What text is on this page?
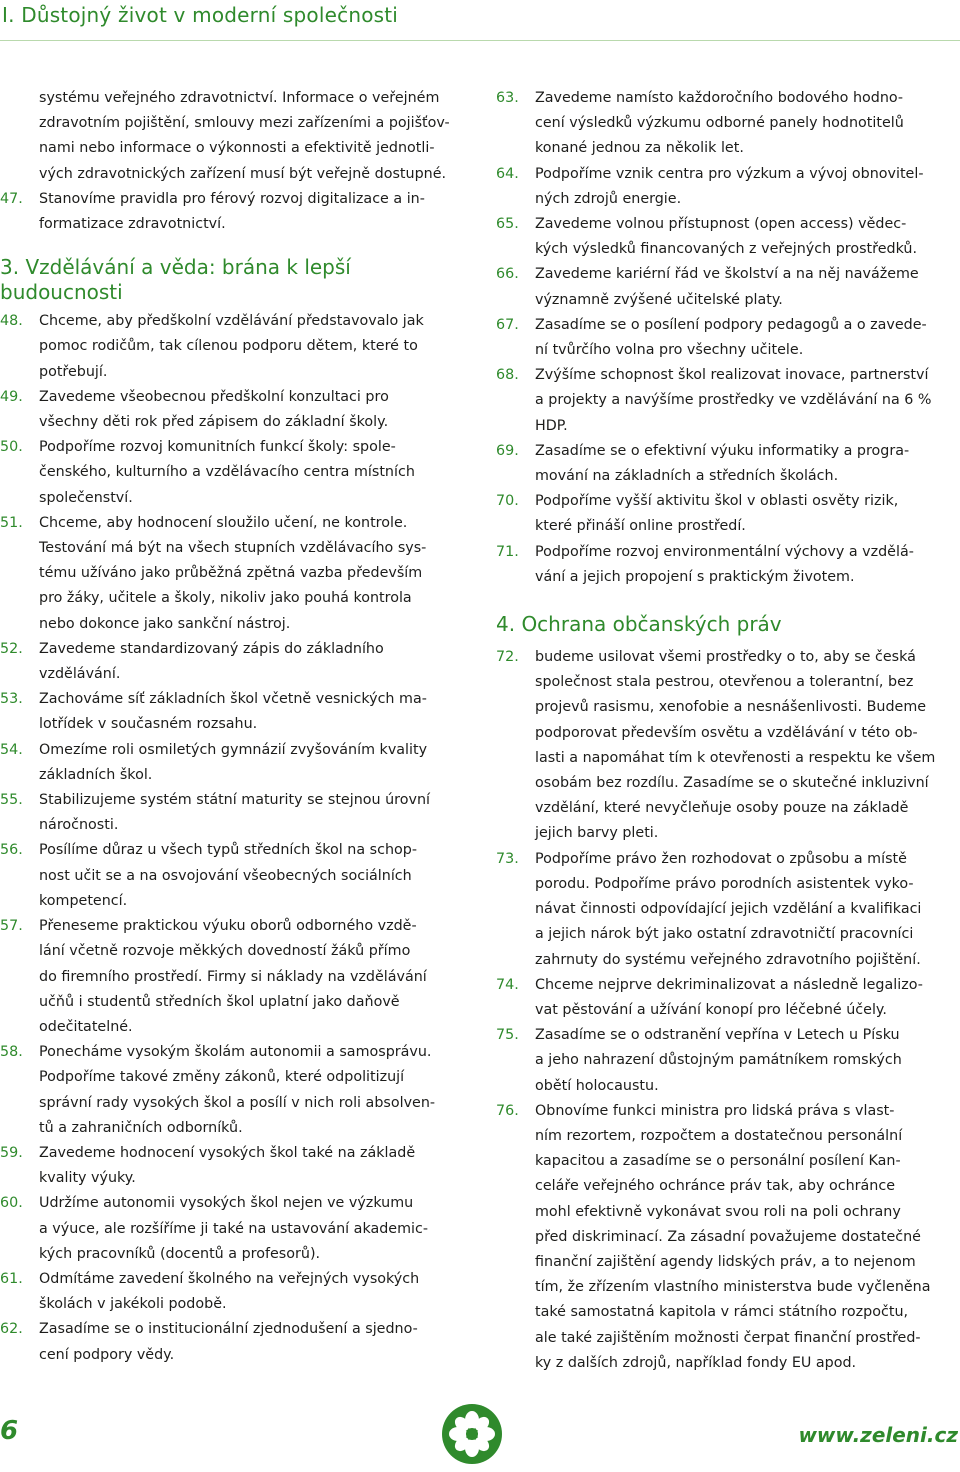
I. Důstojný život v moderní společnosti
systému veřejného zdravotnictví. Informace o veřejném
zdravotním pojištění, smlouvy mezi zařízeními a pojišťov-
nami nebo informace o výkonnosti a efektivitě jednotli-
vých zdravotnických zařízení musí být veřejně dostupné.
47. Stanovíme pravidla pro férový rozvoj digitalizace a in-
formatizace zdravotnictví.
3. Vzdělávání a věda: brána k lepší
budoucnosti
48. Chceme, aby předškolní vzdělávání představovalo jak
pomoc rodičům, tak cílenou podporu dětem, které to
potřebují.
49. Zavedeme všeobecnou předškolní konzultaci pro
všechny děti rok před zápisem do základní školy.
50. Podpoříme rozvoj komunitních funkcí školy: spole-
čenského, kulturního a vzdělávacího centra místních
společenství.
51. Chceme, aby hodnocení sloužilo učení, ne kontrole.
Testování má být na všech stupních vzdělávacího sys-
tému užíváno jako průběžná zpětná vazba především
pro žáky, učitele a školy, nikoliv jako pouhá kontrola
nebo dokonce jako sankční nástroj.
52. Zavedeme standardizovaný zápis do základního
vzdělávání.
53. Zachováme síť základních škol včetně vesnických ma-
lotřídek v současném rozsahu.
54. Omezíme roli osmiletých gymnázií zvyšováním kvality
základních škol.
55. Stabilizujeme systém státní maturity se stejnou úrovní
náročnosti.
56. Posílíme důraz u všech typů středních škol na schop-
nost učit se a na osvojování všeobecných sociálních
kompetencí.
57. Přeneseme praktickou výuku oborů odborného vzdě-
lání včetně rozvoje měkkých dovedností žáků přímo
do firemního prostředí. Firmy si náklady na vzdělávání
učňů i studentů středních škol uplatní jako daňově
odečitatelné.
58. Ponecháme vysokým školám autonomii a samosprávu.
Podpoříme takové změny zákonů, které odpolitizují
správní rady vysokých škol a posílí v nich roli absolven-
tů a zahraničních odborníků.
59. Zavedeme hodnocení vysokých škol také na základě
kvality výuky.
60. Udržíme autonomii vysokých škol nejen ve výzkumu
a výuce, ale rozšíříme ji také na ustavování akademic-
kých pracovníků (docentů a profesorů).
61. Odmítáme zavedení školného na veřejných vysokých
školách v jakékoli podobě.
62. Zasadíme se o institucionální zjednodušení a sjedno-
cení podpory vědy.
63. Zavedeme namísto každoročního bodového hodno-
cení výsledků výzkumu odborné panely hodnotitelů
konané jednou za několik let.
64. Podpoříme vznik centra pro výzkum a vývoj obnovitel-
ných zdrojů energie.
65. Zavedeme volnou přístupnost (open access) vědec-
kých výsledků financovaných z veřejných prostředků.
66. Zavedeme kariérní řád ve školství a na něj navážeme
významně zvýšené učitelské platy.
67. Zasadíme se o posílení podpory pedagogů a o zavede-
ní tvůrčího volna pro všechny učitele.
68. Zvýšíme schopnost škol realizovat inovace, partnerství
a projekty a navýšíme prostředky ve vzdělávání na 6 %
HDP.
69. Zasadíme se o efektivní výuku informatiky a progra-
mování na základních a středních školách.
70. Podpoříme vyšší aktivitu škol v oblasti osvěty rizik,
které přináší online prostředí.
71. Podpoříme rozvoj environmentální výchovy a vzdělá-
vání a jejich propojení s praktickým životem.
4. Ochrana občanských práv
72. budeme usilovat všemi prostředky o to, aby se česká
společnost stala pestrou, otevřenou a tolerantní, bez
projevů rasismu, xenofobie a nesnášenlivosti. Budeme
podporovat především osvětu a vzdělávání v této ob-
lasti a napomáhat tím k otevřenosti a respektu ke všem
osobám bez rozdílu. Zasadíme se o skutečné inkluzivní
vzdělání, které nevyčleňuje osoby pouze na základě
jejich barvy pleti.
73. Podpoříme právo žen rozhodovat o způsobu a místě
porodu. Podpoříme právo porodních asistentek vyko-
návat činnosti odpovídající jejich vzdělání a kvalifikaci
a jejich nárok být jako ostatní zdravotničtí pracovníci
zahrnuty do systému veřejného zdravotního pojištění.
74. Chceme nejprve dekriminalizovat a následně legalizo-
vat pěstování a užívání konopí pro léčebné účely.
75. Zasadíme se o odstranění vepřína v Letech u Písku
a jeho nahrazení důstojným památníkem romských
obětí holocaustu.
76. Obnovíme funkci ministra pro lidská práva s vlast-
ním rezortem, rozpočtem a dostatečnou personální
kapacitou a zasadíme se o personální posílení Kan-
celáře veřejného ochránce práv tak, aby ochránce
mohl efektivně vykonávat svou roli na poli ochrany
před diskriminací. Za zásadní považujeme dostatečné
finanční zajištění agendy lidských práv, a to nejenom
tím, že zřízením vlastního ministerstva bude vyčleněna
také samostatná kapitola v rámci státního rozpočtu,
ale také zajištěním možnosti čerpat finanční prostřed-
ky z dalších zdrojů, například fondy EU apod.
6	www.zeleni.cz
